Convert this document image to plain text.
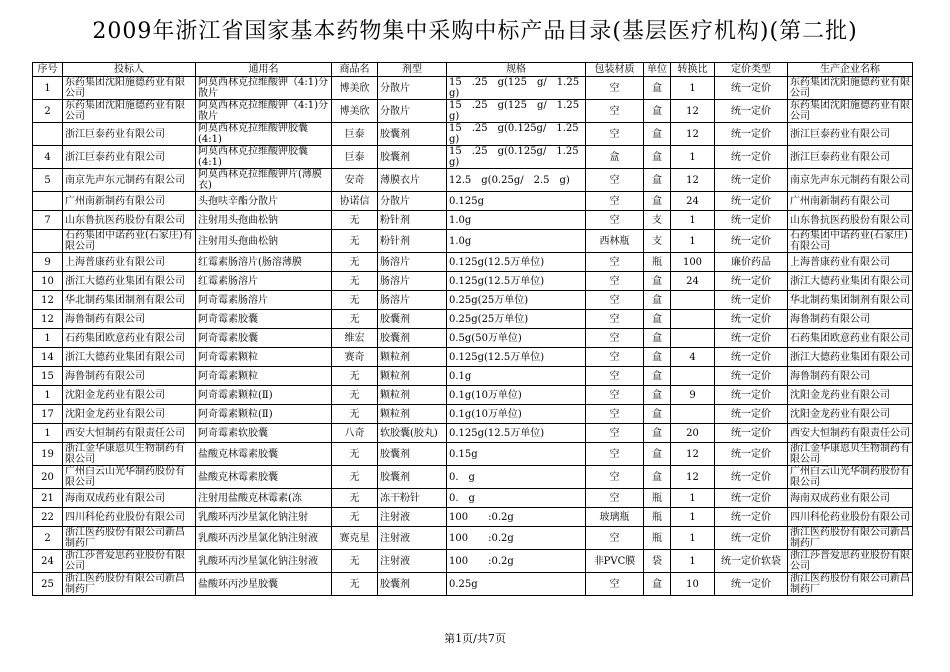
2009年浙江省国家基本药物集中采购中标产品目录(基层医疗机构)(第二批)
序号	投标人	通用名	商品名	剂型	规格	包装材质	单位	转换比	定价类型	生产企业名称
1	东药集团沈阳施德药业有限公司	阿莫西林克拉维酸钾（4:1)分散片	博美欣	分散片	15　.25　g(125　g/　1.25　g)	空	盒	1	统一定价	东药集团沈阳施德药业有限公司
2	东药集团沈阳施德药业有限公司	阿莫西林克拉维酸钾（4:1)分散片	博美欣	分散片	15　.25　g(125　g/　1.25　g)	空	盒	12	统一定价	东药集团沈阳施德药业有限公司
	浙江巨泰药业有限公司	阿莫西林克拉维酸钾胶囊(4:1)	巨泰	胶囊剂	15　.25　g(0.125g/　1.25　g)	空	盒	12	统一定价	浙江巨泰药业有限公司
4	浙江巨泰药业有限公司	阿莫西林克拉维酸钾胶囊(4:1)	巨泰	胶囊剂	15　.25　g(0.125g/　1.25　g)	盒	盒	1	统一定价	浙江巨泰药业有限公司
5	南京先声东元制药有限公司	阿莫西林克拉维酸钾片(薄膜衣)	安奇	薄膜衣片	12.5　g(0.25g/　2.5　g)	空	盒	12	统一定价	南京先声东元制药有限公司
	广州南新制药有限公司	头孢呋辛酯分散片	协诺信	分散片	0.125g	空	盒	24	统一定价	广州南新制药有限公司
7	山东鲁抗医药股份有限公司	注射用头孢曲松钠	无	粉针剂	1.0g	空	支	1	统一定价	山东鲁抗医药股份有限公司
	石药集团中诺药业(石家庄)有限公司	注射用头孢曲松钠	无	粉针剂	1.0g	西林瓶	支	1	统一定价	石药集团中诺药业(石家庄)有限公司
9	上海普康药业有限公司	红霉素肠溶片(肠溶薄膜	无	肠溶片	0.125g(12.5万单位)	空	瓶	100	廉价药品	上海普康药业有限公司
10	浙江大德药业集团有限公司	红霉素肠溶片	无	肠溶片	0.125g(12.5万单位)	空	盒	24	统一定价	浙江大德药业集团有限公司
12	华北制药集团制剂有限公司	阿奇霉素肠溶片	无	肠溶片	0.25g(25万单位)	空	盒		统一定价	华北制药集团制剂有限公司
12	海鲁制药有限公司	阿奇霉素胶囊	无	胶囊剂	0.25g(25万单位)	空	盒		统一定价	海鲁制药有限公司
1	石药集团欧意药业有限公司	阿奇霉素胶囊	维宏	胶囊剂	0.5g(50万单位)	空	盒		统一定价	石药集团欧意药业有限公司
14	浙江大德药业集团有限公司	阿奇霉素颗粒	赛奇	颗粒剂	0.125g(12.5万单位)	空	盒	4	统一定价	浙江大德药业集团有限公司
15	海鲁制药有限公司	阿奇霉素颗粒	无	颗粒剂	0.1g	空	盒		统一定价	海鲁制药有限公司
1	沈阳金龙药业有限公司	阿奇霉素颗粒(Ⅱ)	无	颗粒剂	0.1g(10万单位)	空	盒	9	统一定价	沈阳金龙药业有限公司
17	沈阳金龙药业有限公司	阿奇霉素颗粒(Ⅱ)	无	颗粒剂	0.1g(10万单位)	空	盒		统一定价	沈阳金龙药业有限公司
1	西安大恒制药有限责任公司	阿奇霉素软胶囊	八奇	软胶囊(胶丸)	0.125g(12.5万单位)	空	盒	20	统一定价	西安大恒制药有限责任公司
19	浙江金华康恩贝生物制药有限公司	盐酸克林霉素胶囊	无	胶囊剂	0.15g	空	盒	12	统一定价	浙江金华康恩贝生物制药有限公司
20	广州白云山光华制药股份有限公司	盐酸克林霉素胶囊	无	胶囊剂	0.　g	空	盒	12	统一定价	广州白云山光华制药股份有限公司
21	海南双成药业有限公司	注射用盐酸克林霉素(冻	无	冻干粉针	0.　g	空	瓶	1	统一定价	海南双成药业有限公司
22	四川科伦药业股份有限公司	乳酸环丙沙星氯化钠注射	无	注射液	100　　:0.2g	玻璃瓶	瓶	1	统一定价	四川科伦药业股份有限公司
2	浙江医药股份有限公司新昌制药厂	乳酸环丙沙星氯化钠注射液	赛克星	注射液	100　　:0.2g	空	瓶	1	统一定价	浙江医药股份有限公司新昌制药厂
24	浙江莎普爱思药业股份有限公司	乳酸环丙沙星氯化钠注射液	无	注射液	100　　:0.2g	非PVC膜	袋	1	统一定价软袋	浙江莎普爱思药业股份有限公司
25	浙江医药股份有限公司新昌制药厂	盐酸环丙沙星胶囊	无	胶囊剂	0.25g	空	盒	10	统一定价	浙江医药股份有限公司新昌制药厂
第1页/共7页
